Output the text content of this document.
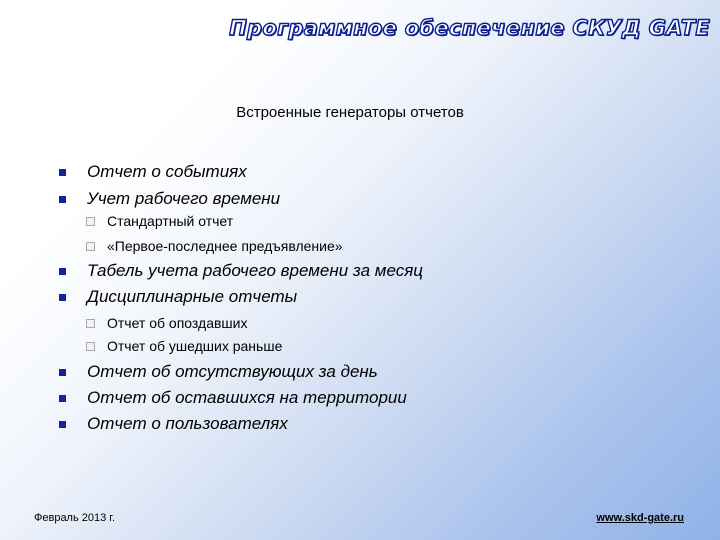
Программное обеспечение СКУД GATE
Встроенные генераторы отчетов
Отчет о событиях
Учет рабочего времени
Стандартный отчет
«Первое-последнее предъявление»
Табель учета рабочего времени за месяц
Дисциплинарные отчеты
Отчет об опоздавших
Отчет об ушедших раньше
Отчет об отсутствующих за день
Отчет об оставшихся на территории
Отчет о пользователях
Февраль 2013 г.	www.skd-gate.ru
